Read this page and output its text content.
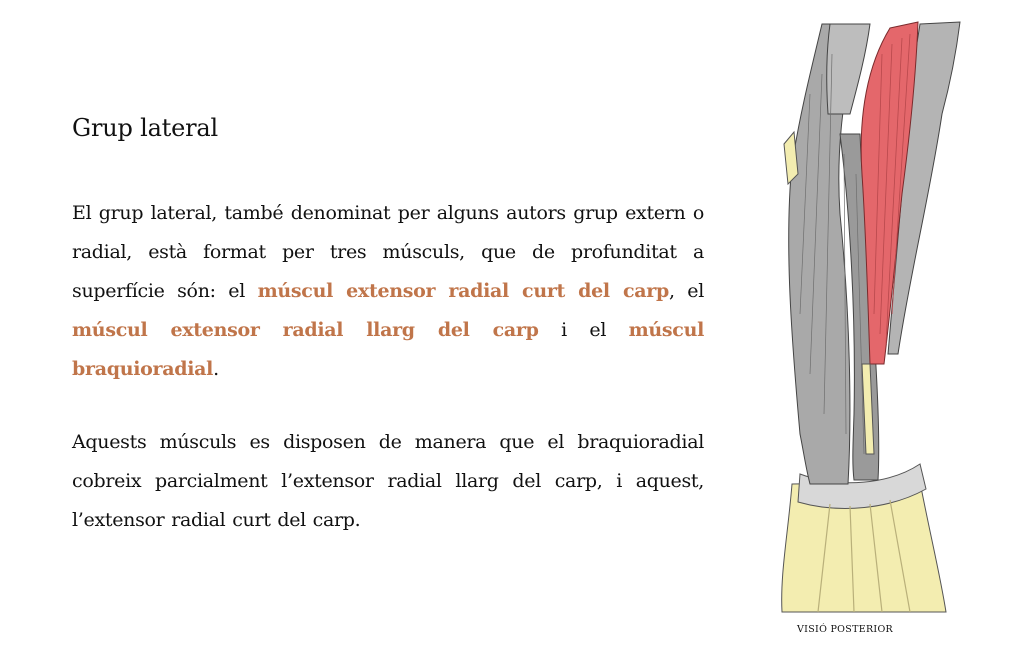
Grup lateral

El grup lateral, també denominat per alguns autors grup extern o radial, està format per tres músculs, que de profunditat a superfície són: el múscul extensor radial curt del carp, el múscul extensor radial llarg del carp i el múscul braquioradial.

Aquests músculs es disposen de manera que el braquioradial cobreix parcialment l’extensor radial llarg del carp, i aquest, l’extensor radial curt del carp.

VISIÓ POSTERIOR
